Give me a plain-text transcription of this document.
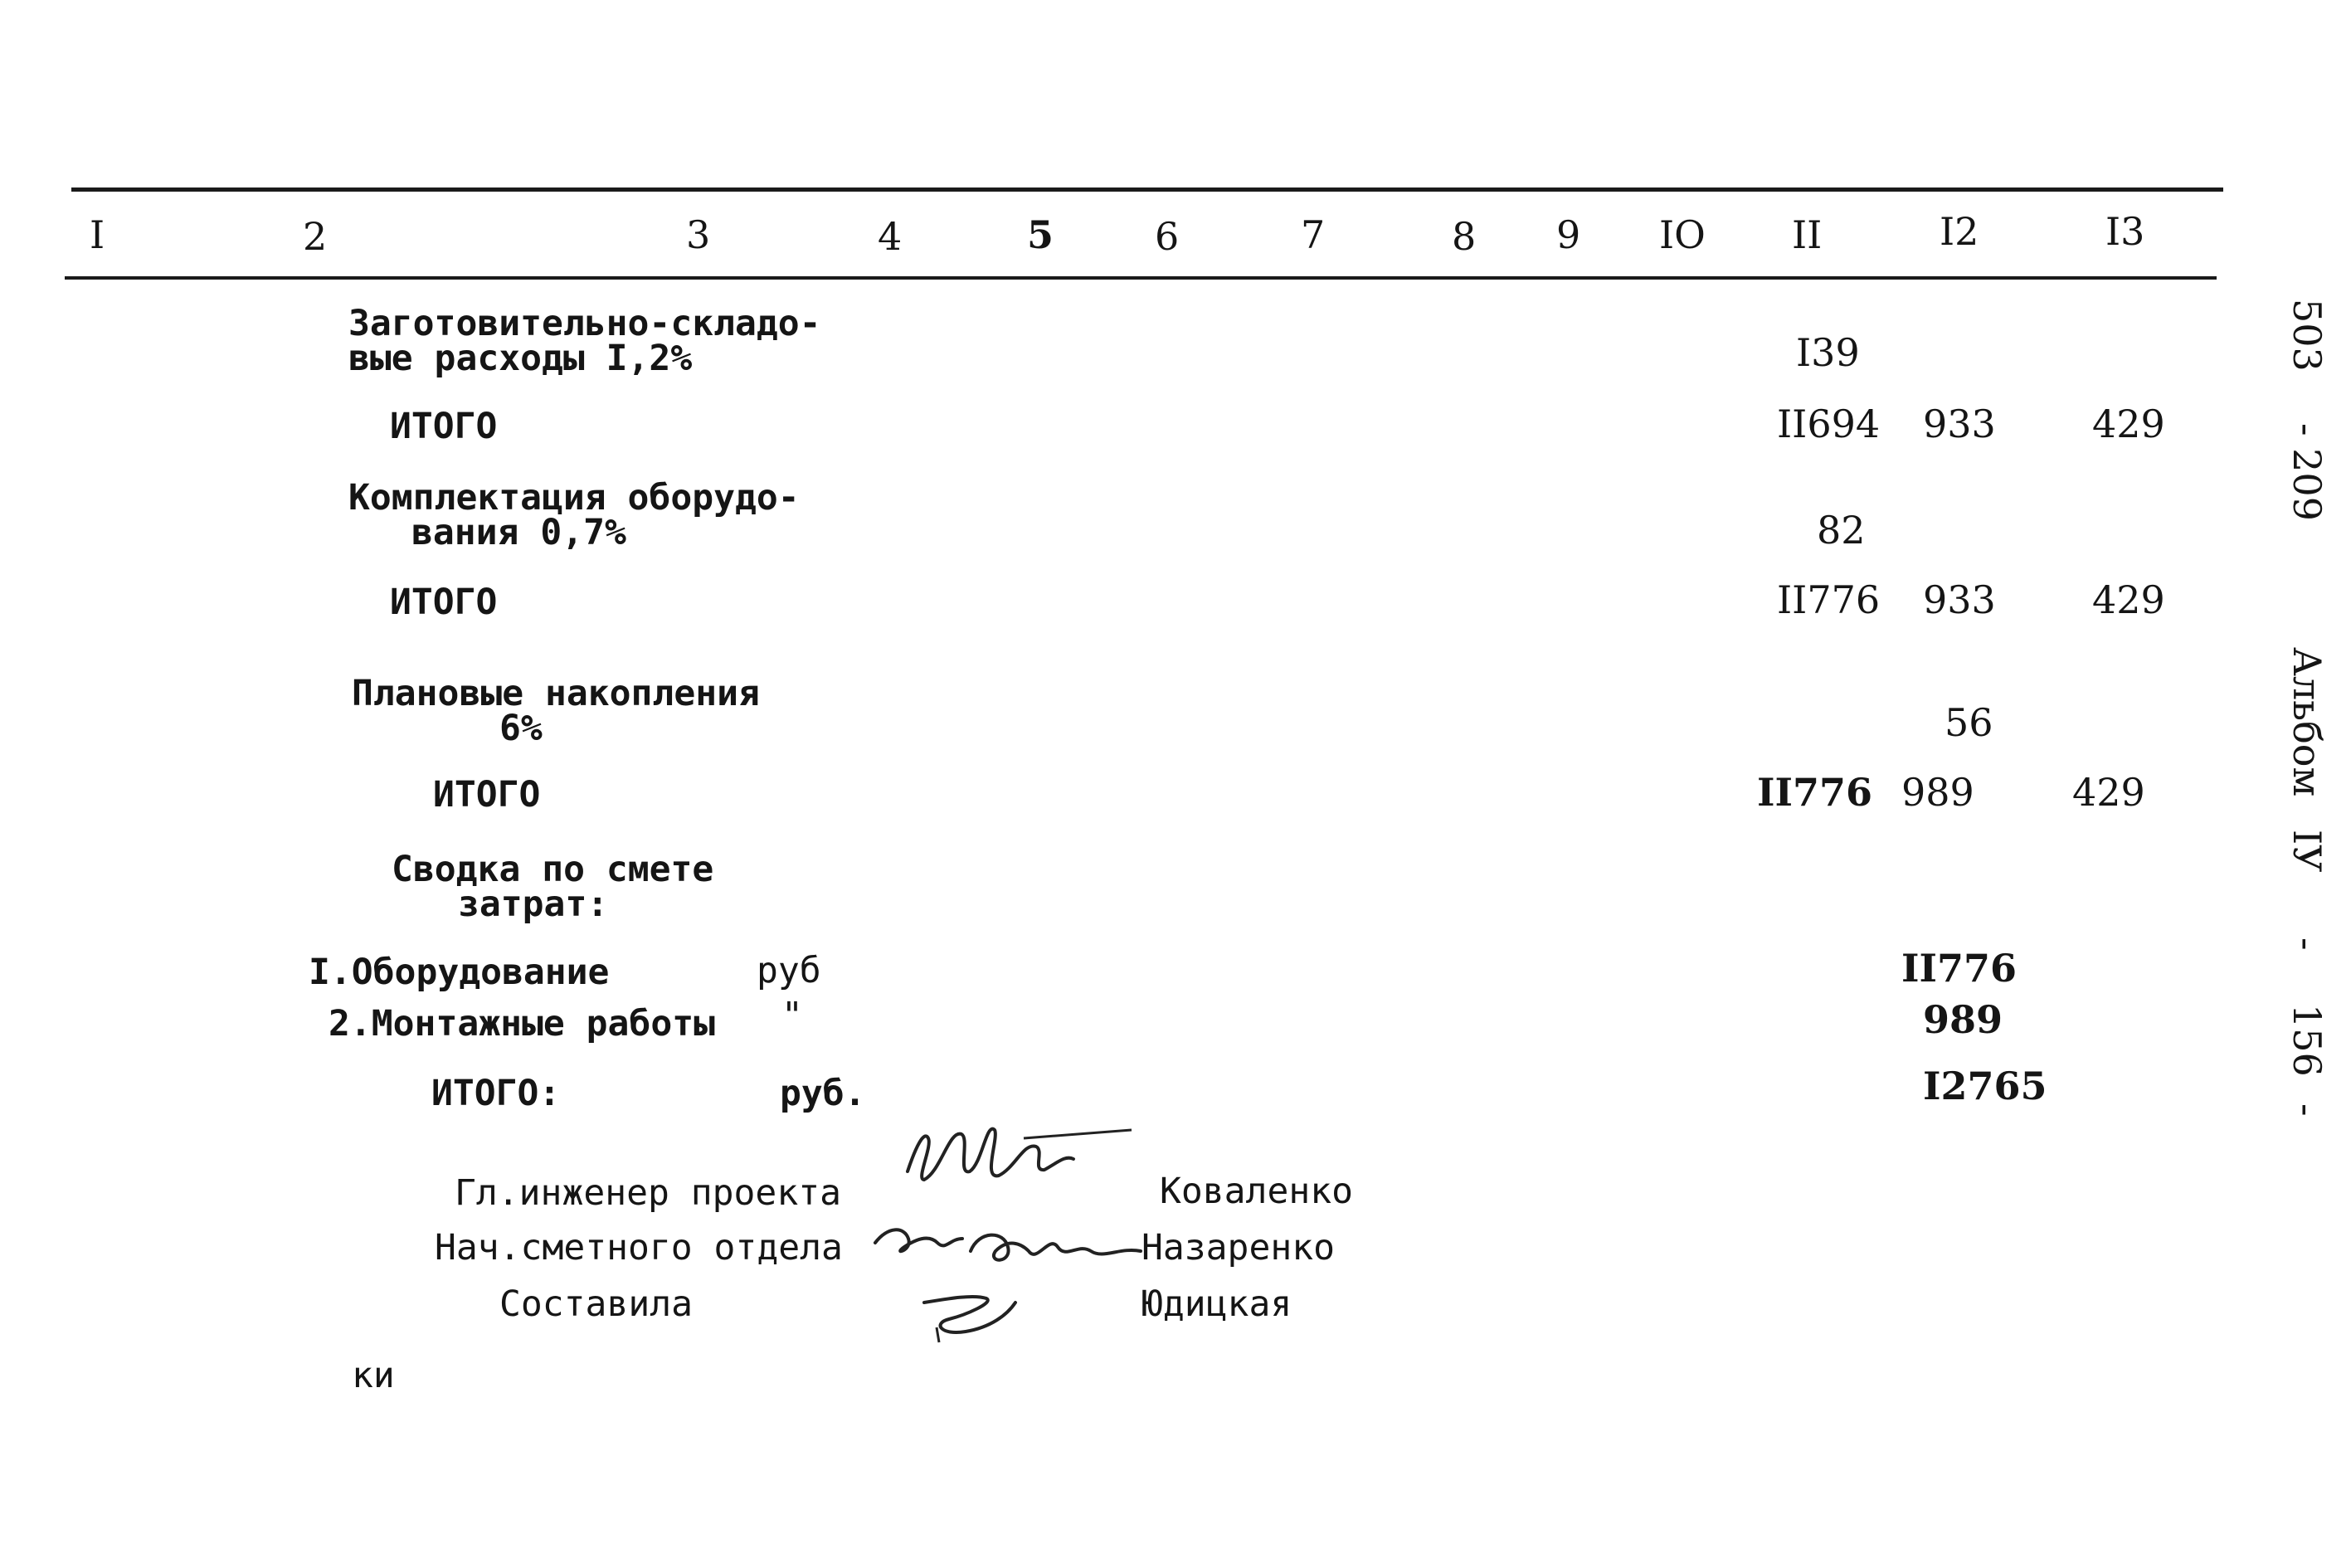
I	2	3	4	5	6	7	8 9 IO II	I2	I3
Заготовительно-складо-
вые расходы I,2%	I39
ИТОГО	II694 933	429
Комплектация оборудо-
вания 0,7%	82
ИТОГО	II776 933	429
Плановые накопления
6%	56
ИТОГО	II776 989	429
Сводка по смете
затрат:
I.Оборудование	руб	II776
2.Монтажные работы "	989
ИТОГО:	руб.	I2765
Гл.инженер проекта	Коваленко
Нач.сметного отдела	Назаренко
Составила	Юдицкая
ки
503
- 209
Альбом
IУ
-
156
-
